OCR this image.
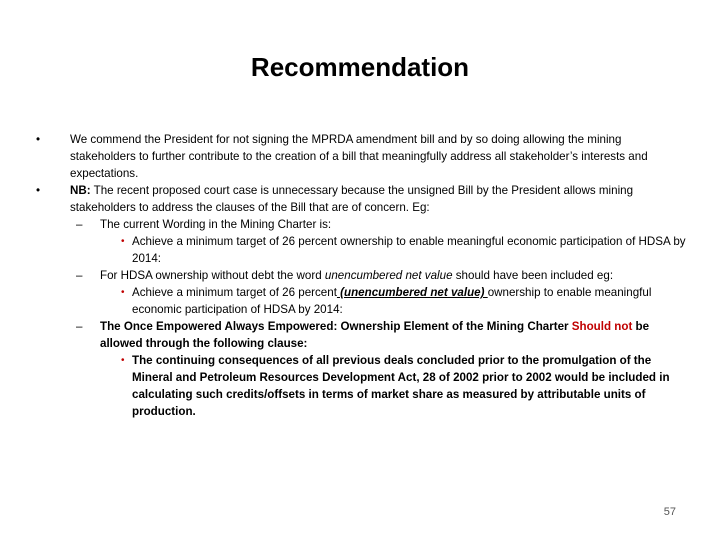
Recommendation
•	We commend the President for not signing the MPRDA amendment bill and by so doing allowing the mining stakeholders to further contribute to the creation of a bill that meaningfully address all stakeholder’s interests and expectations.
•	NB: The recent proposed court case is unnecessary because the unsigned Bill by the President allows mining stakeholders to address the clauses of the Bill that are of concern. Eg:
– The current Wording in the Mining Charter is:
• Achieve a minimum target of 26 percent ownership to enable meaningful economic participation of HDSA by 2014:
– For HDSA ownership without debt the word unencumbered net value should have been included eg:
• Achieve a minimum target of 26 percent (unencumbered net value) ownership to enable meaningful economic participation of HDSA by 2014:
– The Once Empowered Always Empowered: Ownership Element of the Mining Charter Should not be allowed through the following clause:
• The continuing consequences of all previous deals concluded prior to the promulgation of the Mineral and Petroleum Resources Development Act, 28 of 2002 prior to 2002 would be included in calculating such credits/offsets in terms of market share as measured by attributable units of production.
57
